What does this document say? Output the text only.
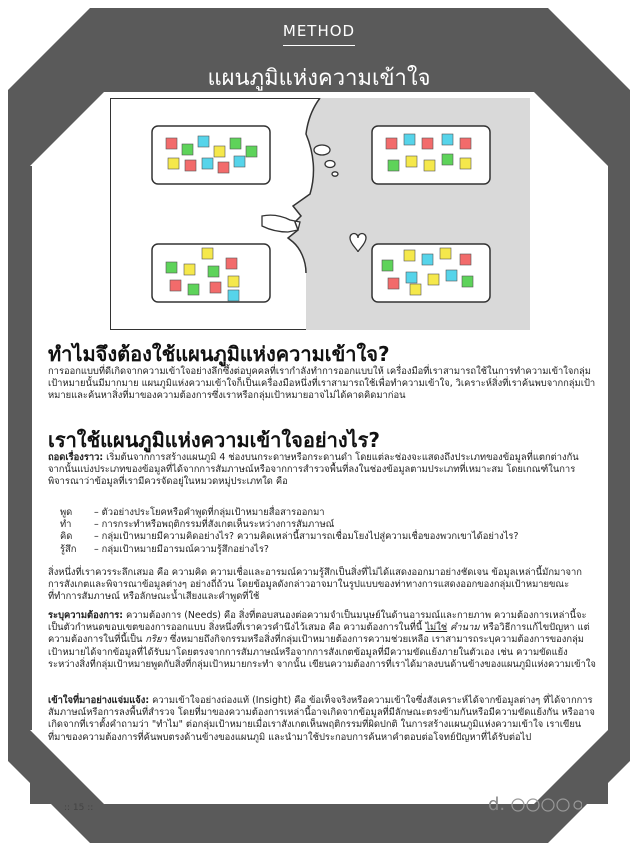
METHOD
แผนภูมิแห่งความเข้าใจ
ทำไมจึงต้องใช้แผนภูมิแห่งความเข้าใจ?

การออกแบบที่ดีเกิดจากความเข้าใจอย่างลึกซึ้งต่อบุคคลที่เรากำลังทำการออกแบบให้ เครื่องมือที่เราสามารถใช้ในการทำความเข้าใจกลุ่มเป้าหมายนั้นมีมากมาย แผนภูมิแห่งความเข้าใจก็เป็นเครื่องมือหนึ่งที่เราสามารถใช้เพื่อทำความเข้าใจ, วิเคราะห์สิ่งที่เราค้นพบจากกลุ่มเป้าหมายและค้นหาสิ่งที่มาของความต้องการซึ่งเราหรือกลุ่มเป้าหมายอาจไม่ได้คาดคิดมาก่อน

เราใช้แผนภูมิแห่งความเข้าใจอย่างไร?

ถอดเรื่องราว: เริ่มต้นจากการสร้างแผนภูมิ 4 ช่องบนกระดาษหรือกระดานดำ โดยแต่ละช่องจะแสดงถึงประเภทของข้อมูลที่แตกต่างกัน จากนั้นแบ่งประเภทของข้อมูลที่ได้จากการสัมภาษณ์หรือจากการสำรวจพื้นที่ลงในช่องข้อมูลตามประเภทที่เหมาะสม โดยเกณฑ์ในการพิจารณาว่าข้อมูลที่เรามีควรจัดอยู่ในหมวดหมู่ประเภทใด คือ

พูด	– ตัวอย่างประโยคหรือคำพูดที่กลุ่มเป้าหมายสื่อสารออกมา
ทำ	– การกระทำหรือพฤติกรรมที่สังเกตเห็นระหว่างการสัมภาษณ์
คิด	– กลุ่มเป้าหมายมีความคิดอย่างไร? ความคิดเหล่านี้สามารถเชื่อมโยงไปสู่ความเชื่อของพวกเขาได้อย่างไร?
รู้สึก	– กลุ่มเป้าหมายมีอารมณ์ความรู้สึกอย่างไร?

สิ่งหนึ่งที่เราควรระลึกเสมอ คือ ความคิด ความเชื่อและอารมณ์ความรู้สึกเป็นสิ่งที่ไม่ได้แสดงออกมาอย่างชัดเจน ข้อมูลเหล่านี้มักมาจากการสังเกตและพิจารณาข้อมูลต่างๆ อย่างถี่ถ้วน โดยข้อมูลดังกล่าวอาจมาในรูปแบบของท่าทางการแสดงออกของกลุ่มเป้าหมายขณะที่ทำการสัมภาษณ์ หรือลักษณะน้ำเสียงและคำพูดที่ใช้

ระบุความต้องการ: ความต้องการ (Needs) คือ สิ่งที่ตอบสนองต่อความจำเป็นมนุษย์ในด้านอารมณ์และกายภาพ ความต้องการเหล่านี้จะเป็นตัวกำหนดขอบเขตของการออกแบบ สิ่งหนึ่งที่เราควรคำนึงไว้เสมอ คือ ความต้องการในที่นี้ ไม่ใช่ คำนาม หรือวิธีการแก้ไขปัญหา แต่ความต้องการในที่นี้เป็น กริยา ซึ่งหมายถึงกิจกรรมหรือสิ่งที่กลุ่มเป้าหมายต้องการความช่วยเหลือ เราสามารถระบุความต้องการของกลุ่มเป้าหมายได้จากข้อมูลที่ได้รับมาโดยตรงจากการสัมภาษณ์หรือจากการสังเกตข้อมูลที่มีความขัดแย้งภายในตัวเอง เช่น ความขัดแย้งระหว่างสิ่งที่กลุ่มเป้าหมายพูดกับสิ่งที่กลุ่มเป้าหมายกระทำ จากนั้น เขียนความต้องการที่เราได้มาลงบนด้านข้างของแผนภูมิแห่งความเข้าใจ

เข้าใจที่มาอย่างแจ่มแจ้ง: ความเข้าใจอย่างถ่องแท้ (Insight) คือ ข้อเท็จจริงหรือความเข้าใจซึ่งสังเคราะห์ได้จากข้อมูลต่างๆ ที่ได้จากการสัมภาษณ์หรือการลงพื้นที่สำรวจ โดยที่มาของความต้องการเหล่านี้อาจเกิดจากข้อมูลที่มีลักษณะตรงข้ามกันหรือมีความขัดแย้งกัน หรืออาจเกิดจากที่เราตั้งคำถามว่า "ทำไม" ต่อกลุ่มเป้าหมายเมื่อเราสังเกตเห็นพฤติกรรมที่ผิดปกติ ในการสร้างแผนภูมิแห่งความเข้าใจ เราเขียนที่มาของความต้องการที่ค้นพบตรงด้านข้างของแผนภูมิ และนำมาใช้ประกอบการค้นหาคำตอบต่อโจทย์ปัญหาที่ได้รับต่อไป

:: 15 ::	d.
